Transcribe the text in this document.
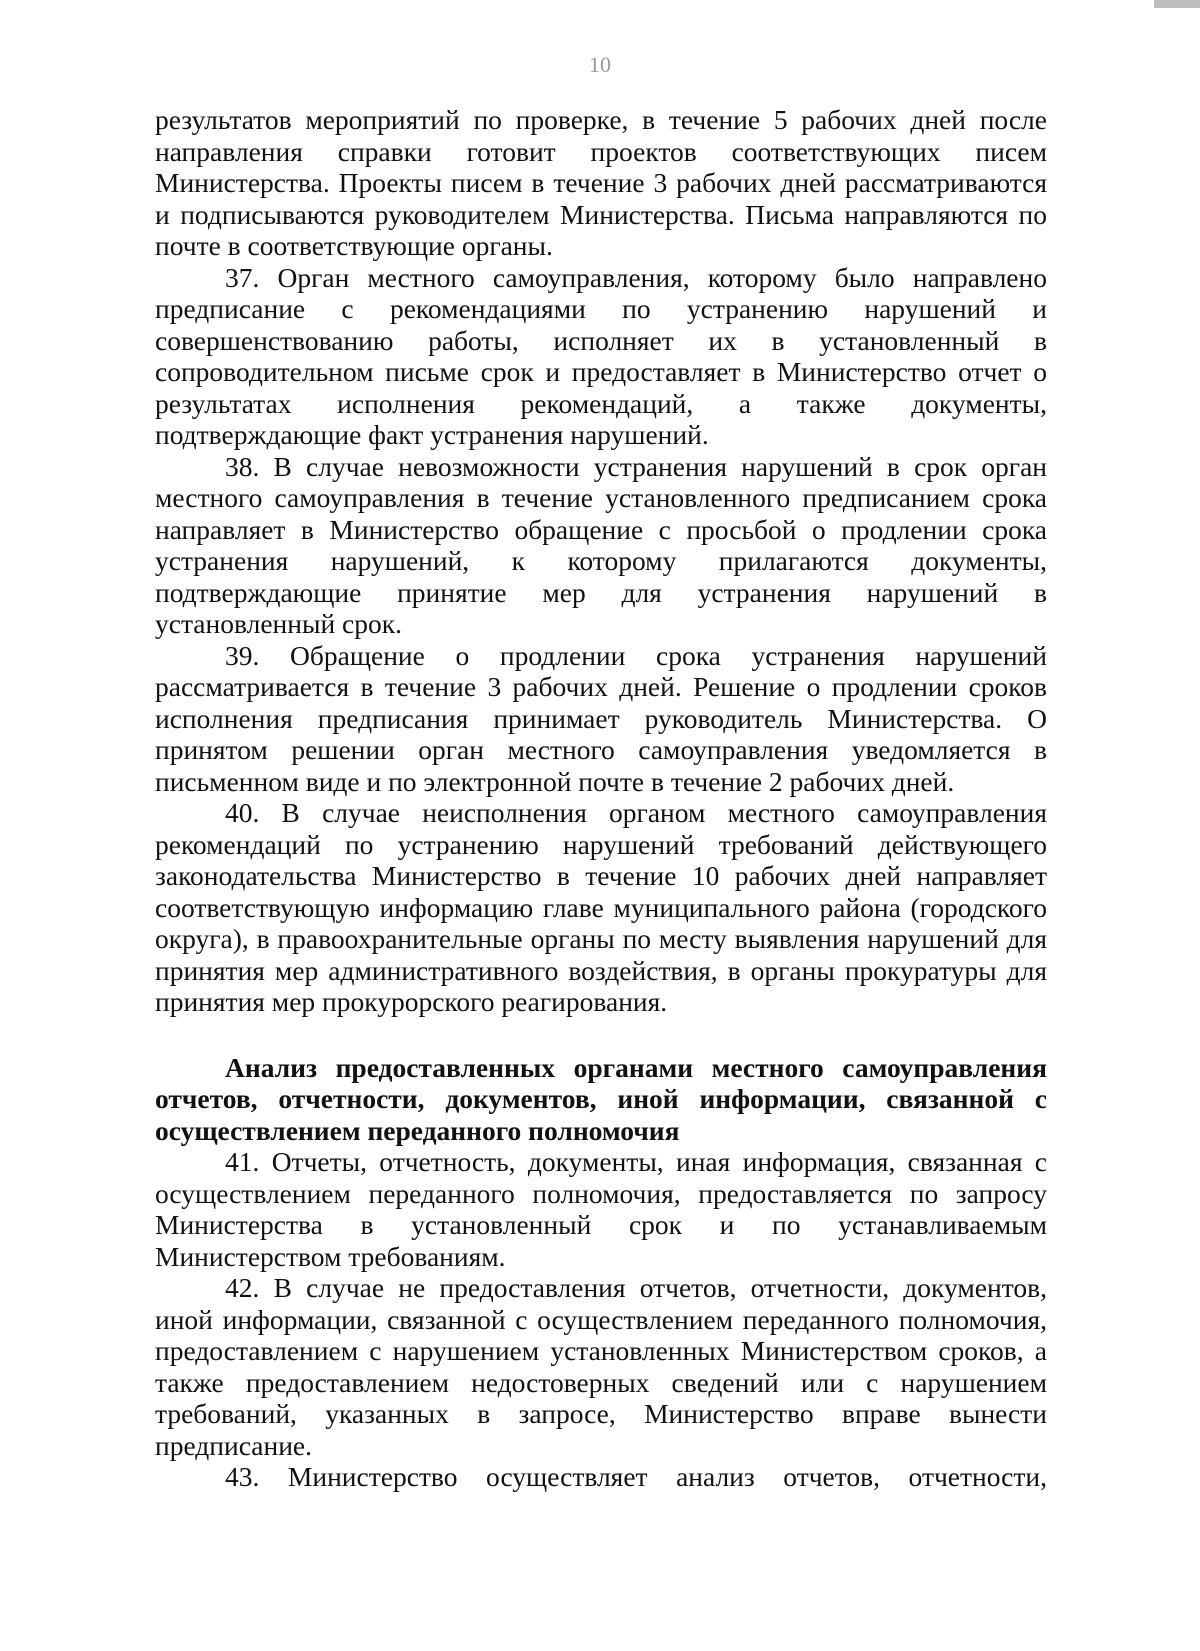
10

результатов мероприятий по проверке, в течение 5 рабочих дней после направления справки готовит проектов соответствующих писем Министерства. Проекты писем в течение 3 рабочих дней рассматриваются и подписываются руководителем Министерства. Письма направляются по почте в соответствующие органы.

37. Орган местного самоуправления, которому было направлено предписание с рекомендациями по устранению нарушений и совершенствованию работы, исполняет их в установленный в сопроводительном письме срок и предоставляет в Министерство отчет о результатах исполнения рекомендаций, а также документы, подтверждающие факт устранения нарушений.

38. В случае невозможности устранения нарушений в срок орган местного самоуправления в течение установленного предписанием срока направляет в Министерство обращение с просьбой о продлении срока устранения нарушений, к которому прилагаются документы, подтверждающие принятие мер для устранения нарушений в установленный срок.

39. Обращение о продлении срока устранения нарушений рассматривается в течение 3 рабочих дней. Решение о продлении сроков исполнения предписания принимает руководитель Министерства. О принятом решении орган местного самоуправления уведомляется в письменном виде и по электронной почте в течение 2 рабочих дней.

40. В случае неисполнения органом местного самоуправления рекомендаций по устранению нарушений требований действующего законодательства Министерство в течение 10 рабочих дней направляет соответствующую информацию главе муниципального района (городского округа), в правоохранительные органы по месту выявления нарушений для принятия мер административного воздействия, в органы прокуратуры для принятия мер прокурорского реагирования.

Анализ предоставленных органами местного самоуправления отчетов, отчетности, документов, иной информации, связанной с осуществлением переданного полномочия

41. Отчеты, отчетность, документы, иная информация, связанная с осуществлением переданного полномочия, предоставляется по запросу Министерства в установленный срок и по устанавливаемым Министерством требованиям.

42. В случае не предоставления отчетов, отчетности, документов, иной информации, связанной с осуществлением переданного полномочия, предоставлением с нарушением установленных Министерством сроков, а также предоставлением недостоверных сведений или с нарушением требований, указанных в запросе, Министерство вправе вынести предписание.

43. Министерство осуществляет анализ отчетов, отчетности,
